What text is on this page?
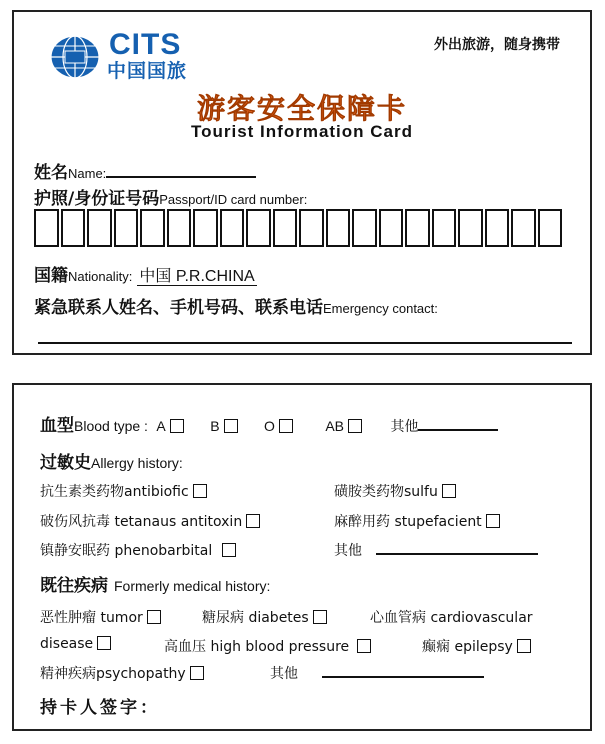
CITS
中国国旅
外出旅游，随身携带
游客安全保障卡
Tourist Information Card
姓名Name:
护照/身份证号码Passport/ID card number:
国籍Nationality: 中国 P.R.CHINA
紧急联系人姓名、手机号码、联系电话Emergency contact:
血型Blood type : A	B	O	AB	其他
过敏史Allergy history:
抗生素类药物antibiofic	磺胺类药物sulfu
破伤风抗毒 tetanaus antitoxin	麻醉用药 stupefacient
镇静安眠药 phenobarbital	其他
既往疾病 Formerly medical history:
恶性肿瘤 tumor	糖尿病 diabetes	心血管病 cardiovascular
disease	高血压 high blood pressure	癫痫 epilepsy
精神疾病psychopathy	其他
持卡人签字：
